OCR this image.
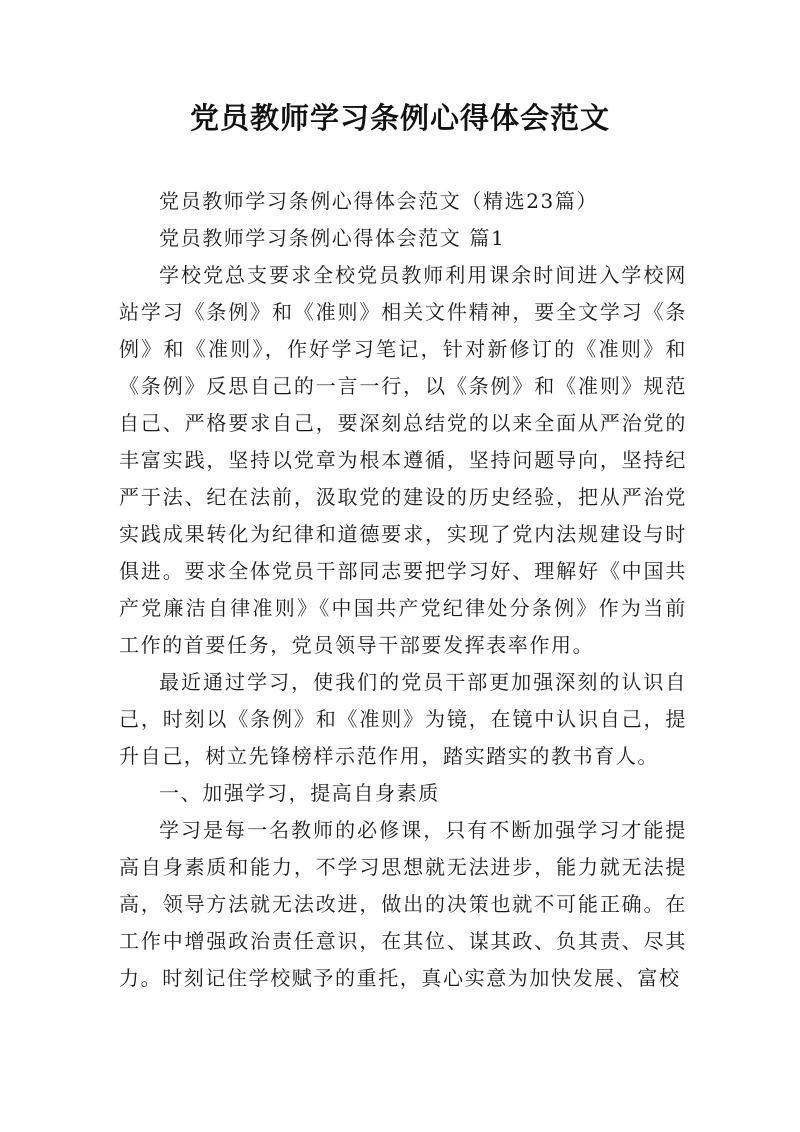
党员教师学习条例心得体会范文

党员教师学习条例心得体会范文（精选23篇）

党员教师学习条例心得体会范文 篇1

学校党总支要求全校党员教师利用课余时间进入学校网站学习《条例》和《准则》相关文件精神，要全文学习《条例》和《准则》，作好学习笔记，针对新修订的《准则》和《条例》反思自己的一言一行，以《条例》和《准则》规范自己、严格要求自己，要深刻总结党的以来全面从严治党的丰富实践，坚持以党章为根本遵循，坚持问题导向，坚持纪严于法、纪在法前，汲取党的建设的历史经验，把从严治党实践成果转化为纪律和道德要求，实现了党内法规建设与时俱进。要求全体党员干部同志要把学习好、理解好《中国共产党廉洁自律准则》《中国共产党纪律处分条例》作为当前工作的首要任务，党员领导干部要发挥表率作用。

最近通过学习，使我们的党员干部更加强深刻的认识自己，时刻以《条例》和《准则》为镜，在镜中认识自己，提升自己，树立先锋榜样示范作用，踏实踏实的教书育人。

一、加强学习，提高自身素质

学习是每一名教师的必修课，只有不断加强学习才能提高自身素质和能力，不学习思想就无法进步，能力就无法提高，领导方法就无法改进，做出的决策也就不可能正确。在工作中增强政治责任意识，在其位、谋其政、负其责、尽其力。时刻记住学校赋予的重托，真心实意为加快发展、富校
